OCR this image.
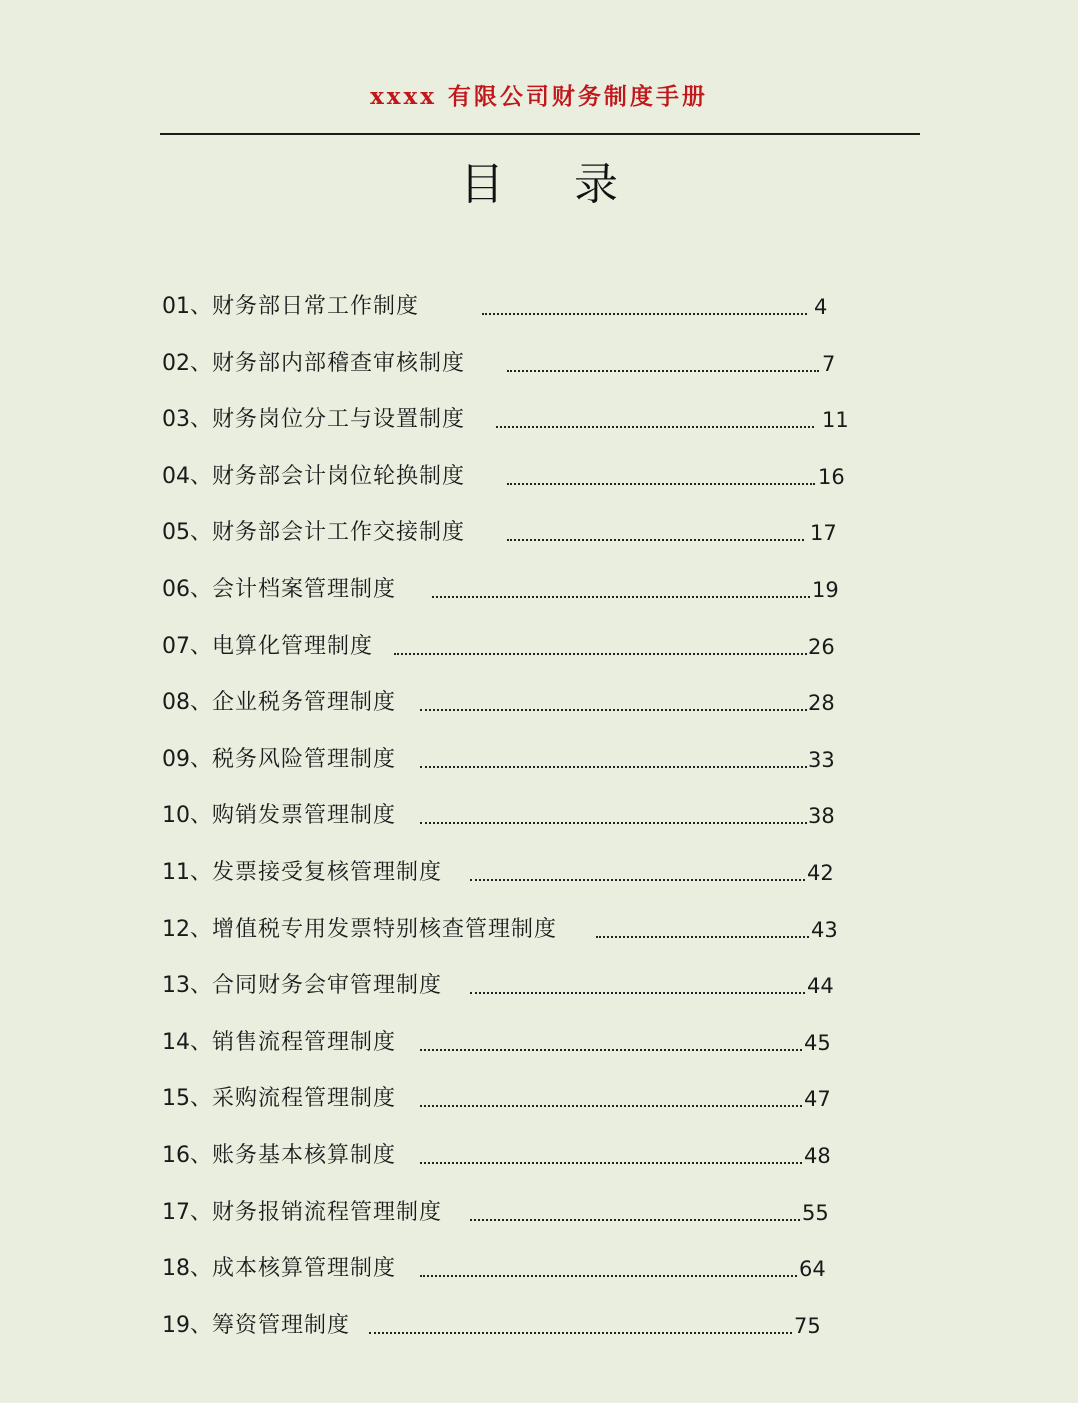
xxxx 有限公司财务制度手册
目 录
01、财务部日常工作制度	4
02、财务部内部稽查审核制度	7
03、财务岗位分工与设置制度	11
04、财务部会计岗位轮换制度	16
05、财务部会计工作交接制度	17
06、会计档案管理制度	19
07、电算化管理制度	26
08、企业税务管理制度	28
09、税务风险管理制度	33
10、购销发票管理制度	38
11、发票接受复核管理制度	42
12、增值税专用发票特别核查管理制度	43
13、合同财务会审管理制度	44
14、销售流程管理制度	45
15、采购流程管理制度	47
16、账务基本核算制度	48
17、财务报销流程管理制度	55
18、成本核算管理制度	64
19、筹资管理制度	75
